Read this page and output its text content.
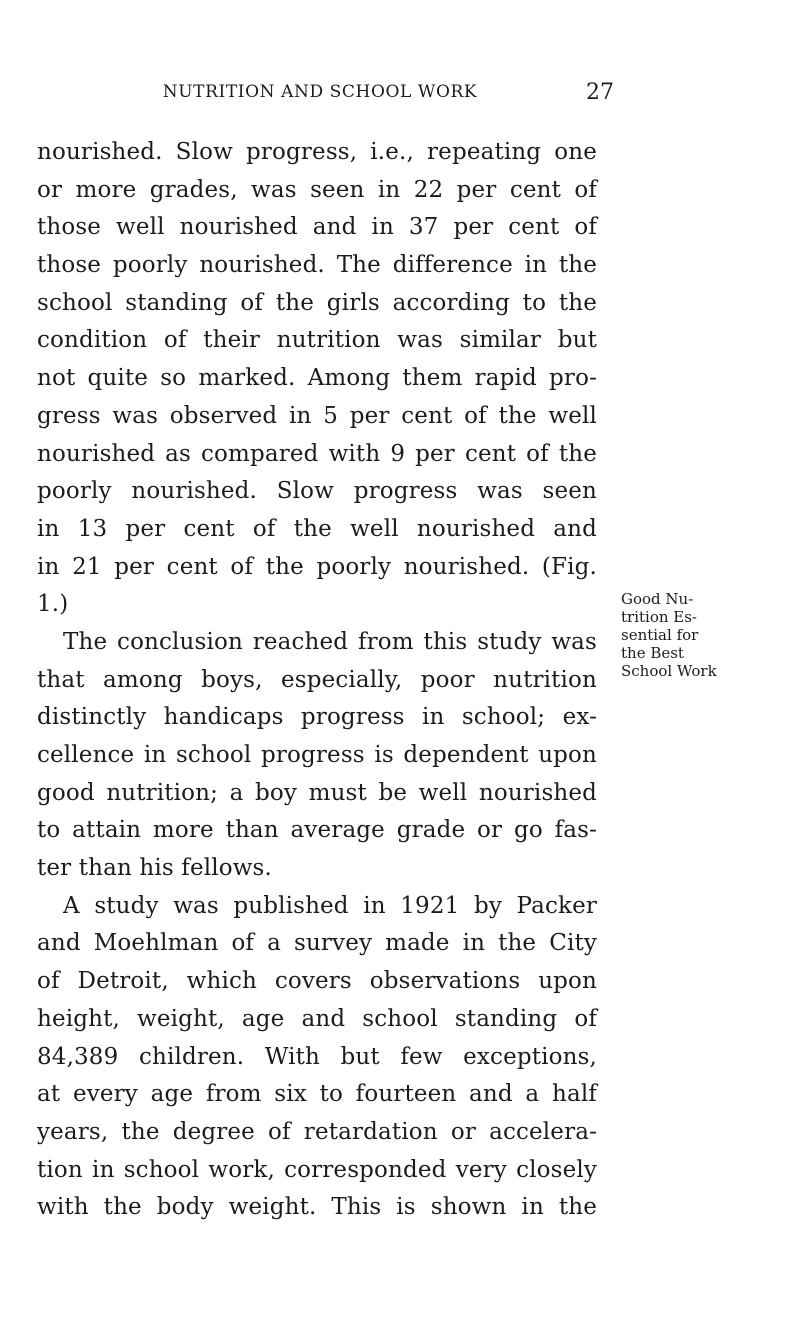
NUTRITION AND SCHOOL WORK	27
nourished. Slow progress, i.e., repeating one
or more grades, was seen in 22 per cent of
those well nourished and in 37 per cent of
those poorly nourished. The difference in the
school standing of the girls according to the
condition of their nutrition was similar but
not quite so marked. Among them rapid pro-
gress was observed in 5 per cent of the well
nourished as compared with 9 per cent of the
poorly nourished. Slow progress was seen
in 13 per cent of the well nourished and
in 21 per cent of the poorly nourished. (Fig.
1.)
The conclusion reached from this study was
that among boys, especially, poor nutrition
distinctly handicaps progress in school; ex-
cellence in school progress is dependent upon
good nutrition; a boy must be well nourished
to attain more than average grade or go fas-
ter than his fellows.
A study was published in 1921 by Packer
and Moehlman of a survey made in the City
of Detroit, which covers observations upon
height, weight, age and school standing of
84,389 children. With but few exceptions,
at every age from six to fourteen and a half
years, the degree of retardation or accelera-
tion in school work, corresponded very closely
with the body weight. This is shown in the
Good Nu-
trition Es-
sential for
the Best
School Work
